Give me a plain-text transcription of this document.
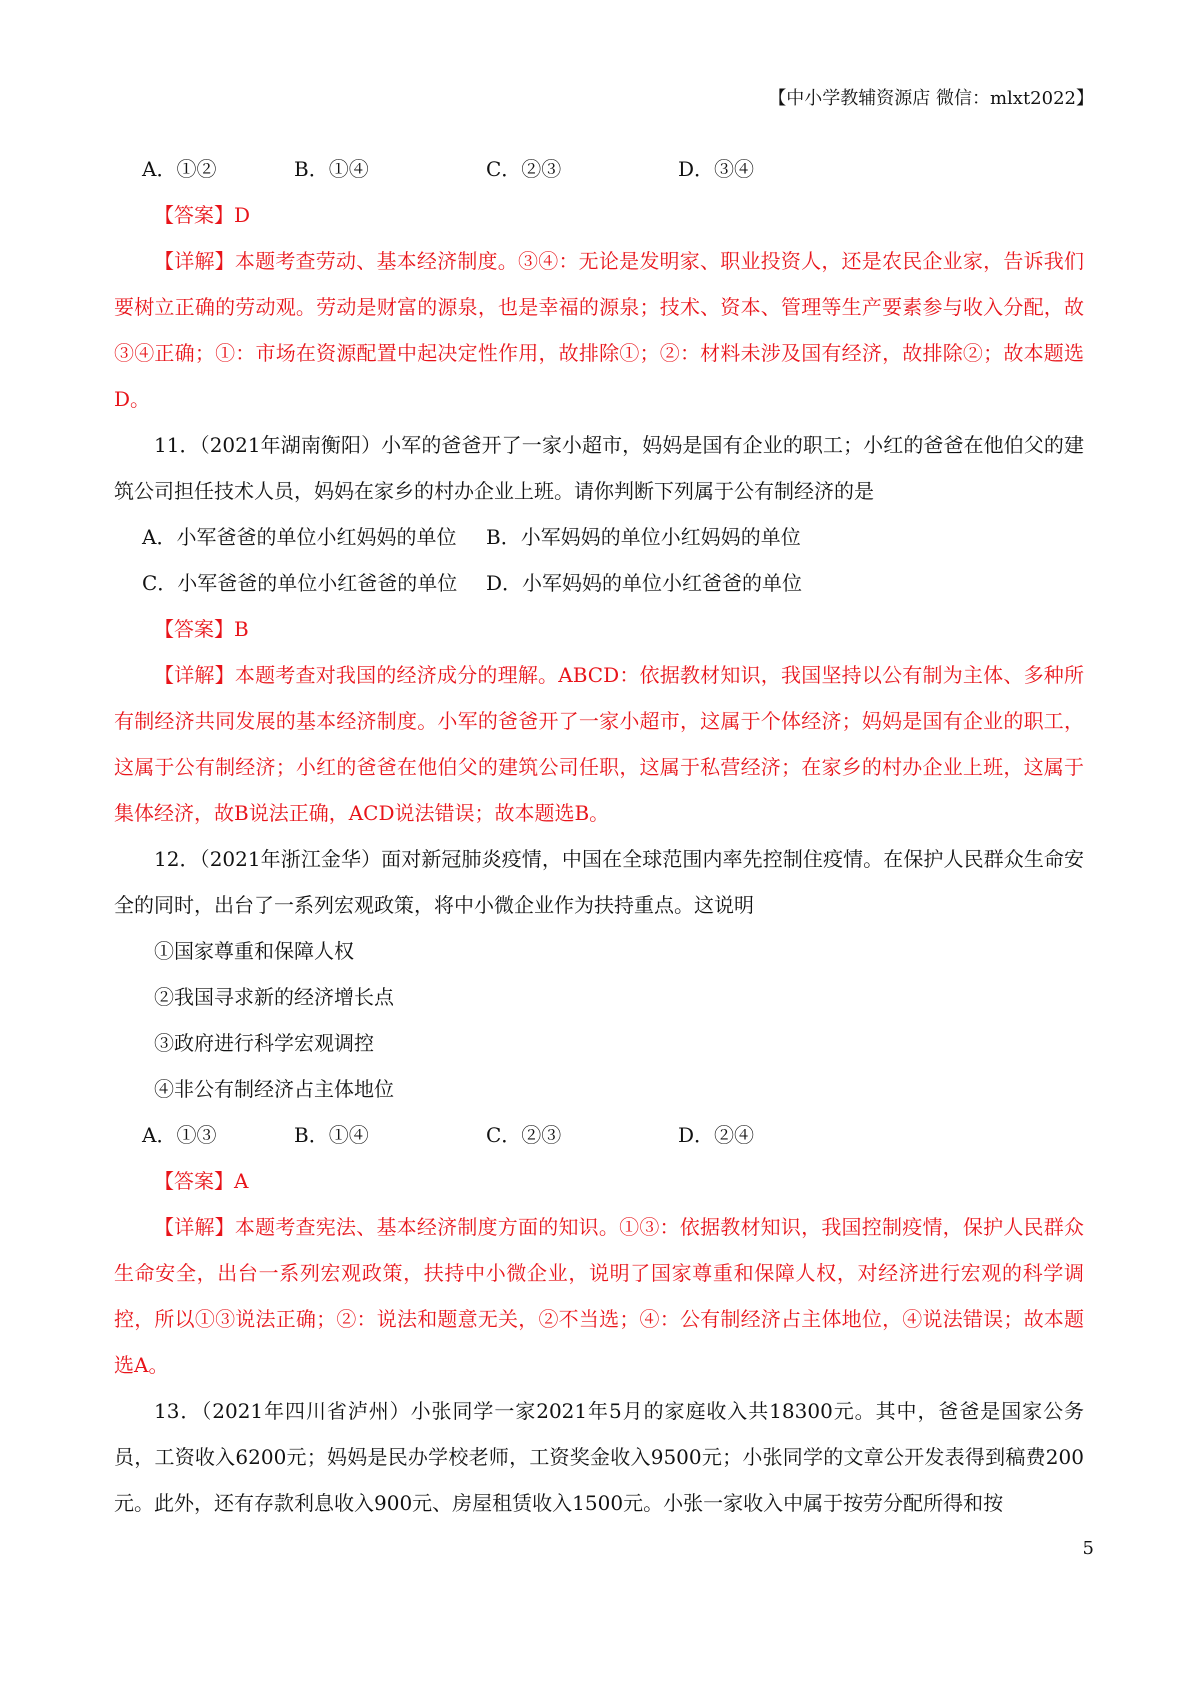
【中小学教辅资源店 微信：mlxt2022】
A．①②	B．①④	C．②③	D．③④
【答案】D
【详解】本题考查劳动、基本经济制度。③④：无论是发明家、职业投资人，还是农民企业家，告诉我们要树立正确的劳动观。劳动是财富的源泉，也是幸福的源泉；技术、资本、管理等生产要素参与收入分配，故③④正确；①：市场在资源配置中起决定性作用，故排除①；②：材料未涉及国有经济，故排除②；故本题选D。
11．（2021年湖南衡阳）小军的爸爸开了一家小超市，妈妈是国有企业的职工；小红的爸爸在他伯父的建筑公司担任技术人员，妈妈在家乡的村办企业上班。请你判断下列属于公有制经济的是
A．小军爸爸的单位小红妈妈的单位 B．小军妈妈的单位小红妈妈的单位
C．小军爸爸的单位小红爸爸的单位 D．小军妈妈的单位小红爸爸的单位
【答案】B
【详解】本题考查对我国的经济成分的理解。ABCD：依据教材知识，我国坚持以公有制为主体、多种所有制经济共同发展的基本经济制度。小军的爸爸开了一家小超市，这属于个体经济；妈妈是国有企业的职工，这属于公有制经济；小红的爸爸在他伯父的建筑公司任职，这属于私营经济；在家乡的村办企业上班，这属于集体经济，故B说法正确，ACD说法错误；故本题选B。
12．（2021年浙江金华）面对新冠肺炎疫情，中国在全球范围内率先控制住疫情。在保护人民群众生命安全的同时，出台了一系列宏观政策，将中小微企业作为扶持重点。这说明
①国家尊重和保障人权
②我国寻求新的经济增长点
③政府进行科学宏观调控
④非公有制经济占主体地位
A．①③	B．①④	C．②③	D．②④
【答案】A
【详解】本题考查宪法、基本经济制度方面的知识。①③：依据教材知识，我国控制疫情，保护人民群众生命安全，出台一系列宏观政策，扶持中小微企业，说明了国家尊重和保障人权，对经济进行宏观的科学调控，所以①③说法正确；②：说法和题意无关，②不当选；④：公有制经济占主体地位，④说法错误；故本题选A。
13．（2021年四川省泸州）小张同学一家2021年5月的家庭收入共18300元。其中，爸爸是国家公务员，工资收入6200元；妈妈是民办学校老师，工资奖金收入9500元；小张同学的文章公开发表得到稿费200元。此外，还有存款利息收入900元、房屋租赁收入1500元。小张一家收入中属于按劳分配所得和按
5
